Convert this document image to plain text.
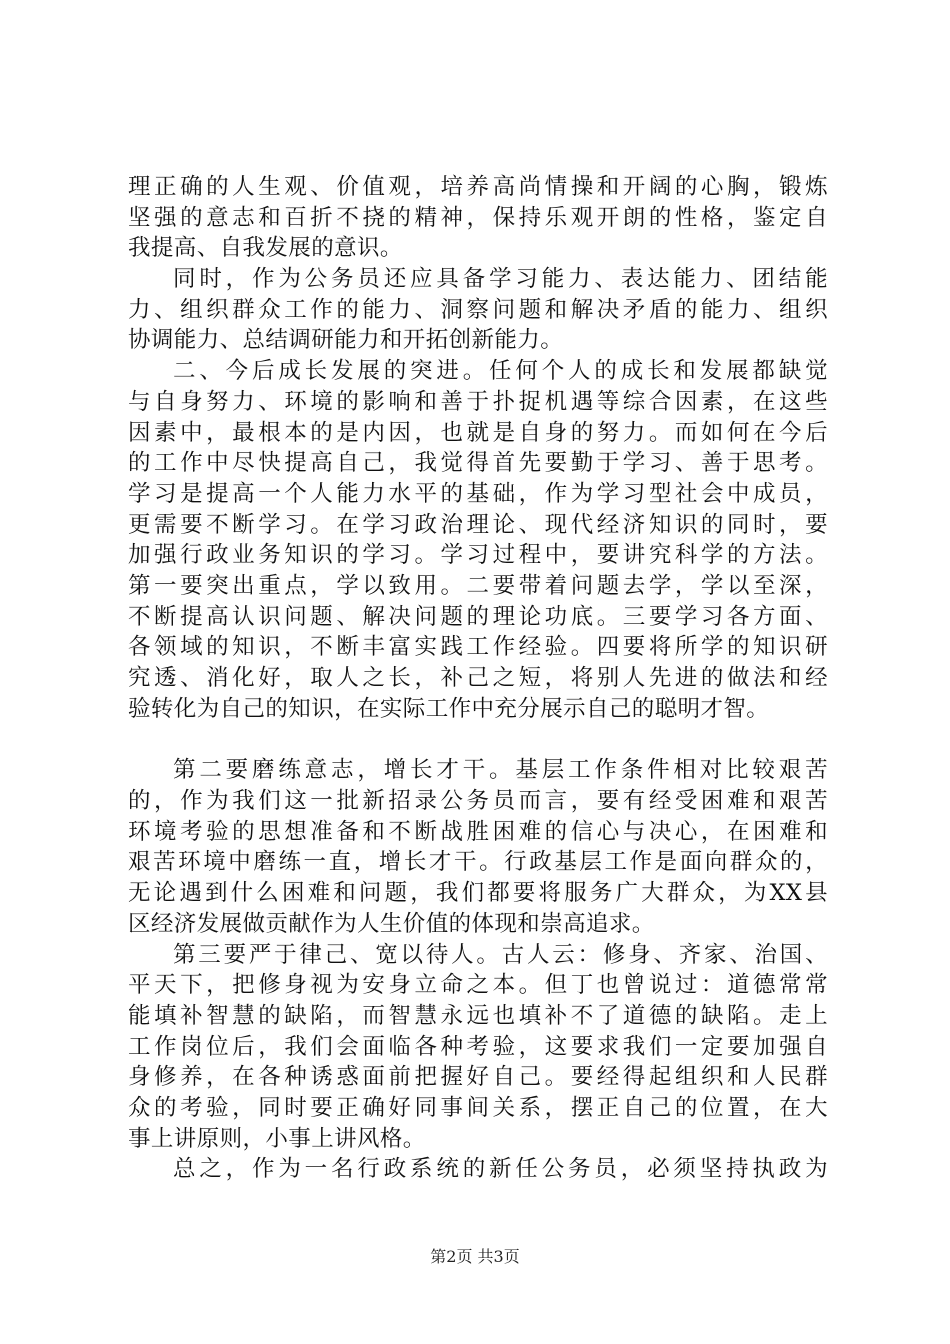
理正确的人生观、价值观，培养高尚情操和开阔的心胸，锻炼
坚强的意志和百折不挠的精神，保持乐观开朗的性格，鉴定自
我提高、自我发展的意识。
同时，作为公务员还应具备学习能力、表达能力、团结能
力、组织群众工作的能力、洞察问题和解决矛盾的能力、组织
协调能力、总结调研能力和开拓创新能力。
二、今后成长发展的突进。任何个人的成长和发展都缺觉
与自身努力、环境的影响和善于扑捉机遇等综合因素，在这些
因素中，最根本的是内因，也就是自身的努力。而如何在今后
的工作中尽快提高自己，我觉得首先要勤于学习、善于思考。
学习是提高一个人能力水平的基础，作为学习型社会中成员，
更需要不断学习。在学习政治理论、现代经济知识的同时，要
加强行政业务知识的学习。学习过程中，要讲究科学的方法。
第一要突出重点，学以致用。二要带着问题去学，学以至深，
不断提高认识问题、解决问题的理论功底。三要学习各方面、
各领域的知识，不断丰富实践工作经验。四要将所学的知识研
究透、消化好，取人之长，补己之短，将别人先进的做法和经
验转化为自己的知识，在实际工作中充分展示自己的聪明才智。
第二要磨练意志，增长才干。基层工作条件相对比较艰苦
的，作为我们这一批新招录公务员而言，要有经受困难和艰苦
环境考验的思想准备和不断战胜困难的信心与决心，在困难和
艰苦环境中磨练一直，增长才干。行政基层工作是面向群众的，
无论遇到什么困难和问题，我们都要将服务广大群众，为XX县
区经济发展做贡献作为人生价值的体现和崇高追求。
第三要严于律己、宽以待人。古人云：修身、齐家、治国、
平天下，把修身视为安身立命之本。但丁也曾说过：道德常常
能填补智慧的缺陷，而智慧永远也填补不了道德的缺陷。走上
工作岗位后，我们会面临各种考验，这要求我们一定要加强自
身修养，在各种诱惑面前把握好自己。要经得起组织和人民群
众的考验，同时要正确好同事间关系，摆正自己的位置，在大
事上讲原则，小事上讲风格。
总之，作为一名行政系统的新任公务员，必须坚持执政为
第2页 共3页
